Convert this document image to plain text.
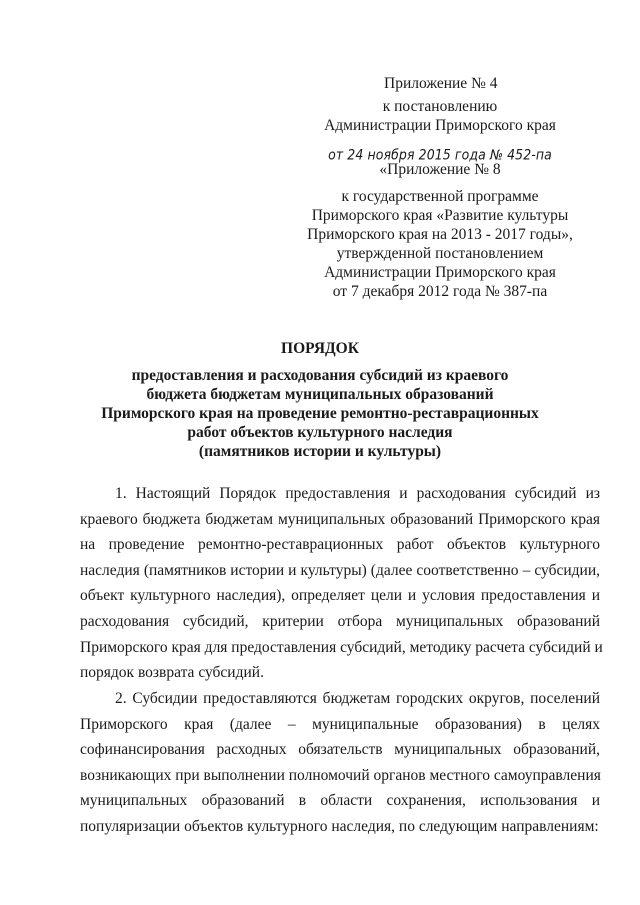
Приложение № 4
к постановлению
Администрации Приморского края
от 24 ноября 2015 года № 452-па
«Приложение № 8
к государственной программе
Приморского края «Развитие культуры
Приморского края на 2013 - 2017 годы»,
утвержденной постановлением
Администрации Приморского края
от 7 декабря 2012 года № 387-па
ПОРЯДОК
предоставления и расходования субсидий из краевого
бюджета бюджетам муниципальных образований
Приморского края на проведение ремонтно-реставрационных
работ объектов культурного наследия
(памятников истории и культуры)
1. Настоящий Порядок предоставления и расходования субсидий из
краевого бюджета бюджетам муниципальных образований Приморского края
на проведение ремонтно-реставрационных работ объектов культурного
наследия (памятников истории и культуры) (далее соответственно – субсидии,
объект культурного наследия), определяет цели и условия предоставления и
расходования субсидий, критерии отбора муниципальных образований
Приморского края для предоставления субсидий, методику расчета субсидий и
порядок возврата субсидий.
2. Субсидии предоставляются бюджетам городских округов, поселений
Приморского края (далее – муниципальные образования) в целях
софинансирования расходных обязательств муниципальных образований,
возникающих при выполнении полномочий органов местного самоуправления
муниципальных образований в области сохранения, использования и
популяризации объектов культурного наследия, по следующим направлениям:
